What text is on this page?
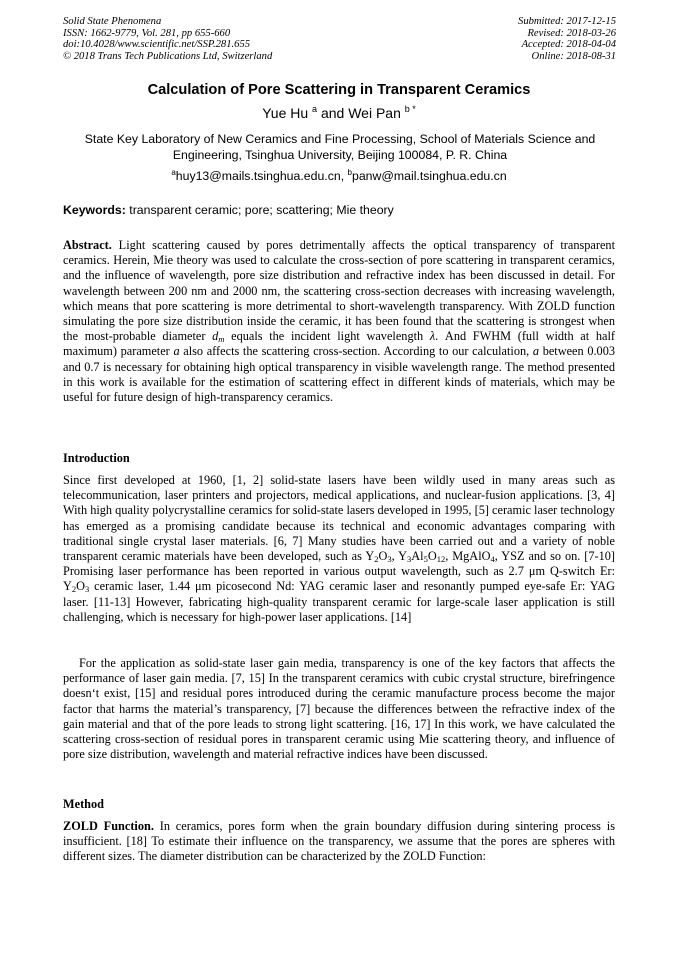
Solid State Phenomena
ISSN: 1662-9779, Vol. 281, pp 655-660
doi:10.4028/www.scientific.net/SSP.281.655
© 2018 Trans Tech Publications Ltd, Switzerland
Submitted: 2017-12-15
Revised: 2018-03-26
Accepted: 2018-04-04
Online: 2018-08-31
Calculation of Pore Scattering in Transparent Ceramics
Yue Hu $^a$ and Wei Pan $^{b *}$
State Key Laboratory of New Ceramics and Fine Processing, School of Materials Science and Engineering, Tsinghua University, Beijing 100084, P. R. China
$^a$huy13@mails.tsinghua.edu.cn, $^b$panw@mail.tsinghua.edu.cn
Keywords: transparent ceramic; pore; scattering; Mie theory
Abstract. Light scattering caused by pores detrimentally affects the optical transparency of transparent ceramics. Herein, Mie theory was used to calculate the cross-section of pore scattering in transparent ceramics, and the influence of wavelength, pore size distribution and refractive index has been discussed in detail. For wavelength between 200 nm and 2000 nm, the scattering cross-section decreases with increasing wavelength, which means that pore scattering is more detrimental to short-wavelength transparency. With ZOLD function simulating the pore size distribution inside the ceramic, it has been found that the scattering is strongest when the most-probable diameter $d_m$ equals the incident light wavelength λ. And FWHM (full width at half maximum) parameter a also affects the scattering cross-section. According to our calculation, a between 0.003 and 0.7 is necessary for obtaining high optical transparency in visible wavelength range. The method presented in this work is available for the estimation of scattering effect in different kinds of materials, which may be useful for future design of high-transparency ceramics.
Introduction
Since first developed at 1960, [1, 2] solid-state lasers have been wildly used in many areas such as telecommunication, laser printers and projectors, medical applications, and nuclear-fusion applications. [3, 4] With high quality polycrystalline ceramics for solid-state lasers developed in 1995, [5] ceramic laser technology has emerged as a promising candidate because its technical and economic advantages comparing with traditional single crystal laser materials. [6, 7] Many studies have been carried out and a variety of noble transparent ceramic materials have been developed, such as $Y_2O_3$, $Y_3Al_5O_{12}$, MgAlO$_4$, YSZ and so on. [7-10] Promising laser performance has been reported in various output wavelength, such as 2.7 μm Q-switch Er: $Y_2O_3$ ceramic laser, 1.44 μm picosecond Nd: YAG ceramic laser and resonantly pumped eye-safe Er: YAG laser. [11-13] However, fabricating high-quality transparent ceramic for large-scale laser application is still challenging, which is necessary for high-power laser applications. [14]
For the application as solid-state laser gain media, transparency is one of the key factors that affects the performance of laser gain media. [7, 15] In the transparent ceramics with cubic crystal structure, birefringence doesn‘t exist, [15] and residual pores introduced during the ceramic manufacture process become the major factor that harms the material’s transparency, [7] because the differences between the refractive index of the gain material and that of the pore leads to strong light scattering. [16, 17] In this work, we have calculated the scattering cross-section of residual pores in transparent ceramic using Mie scattering theory, and influence of pore size distribution, wavelength and material refractive indices have been discussed.
Method
ZOLD Function. In ceramics, pores form when the grain boundary diffusion during sintering process is insufficient. [18] To estimate their influence on the transparency, we assume that the pores are spheres with different sizes. The diameter distribution can be characterized by the ZOLD Function:
